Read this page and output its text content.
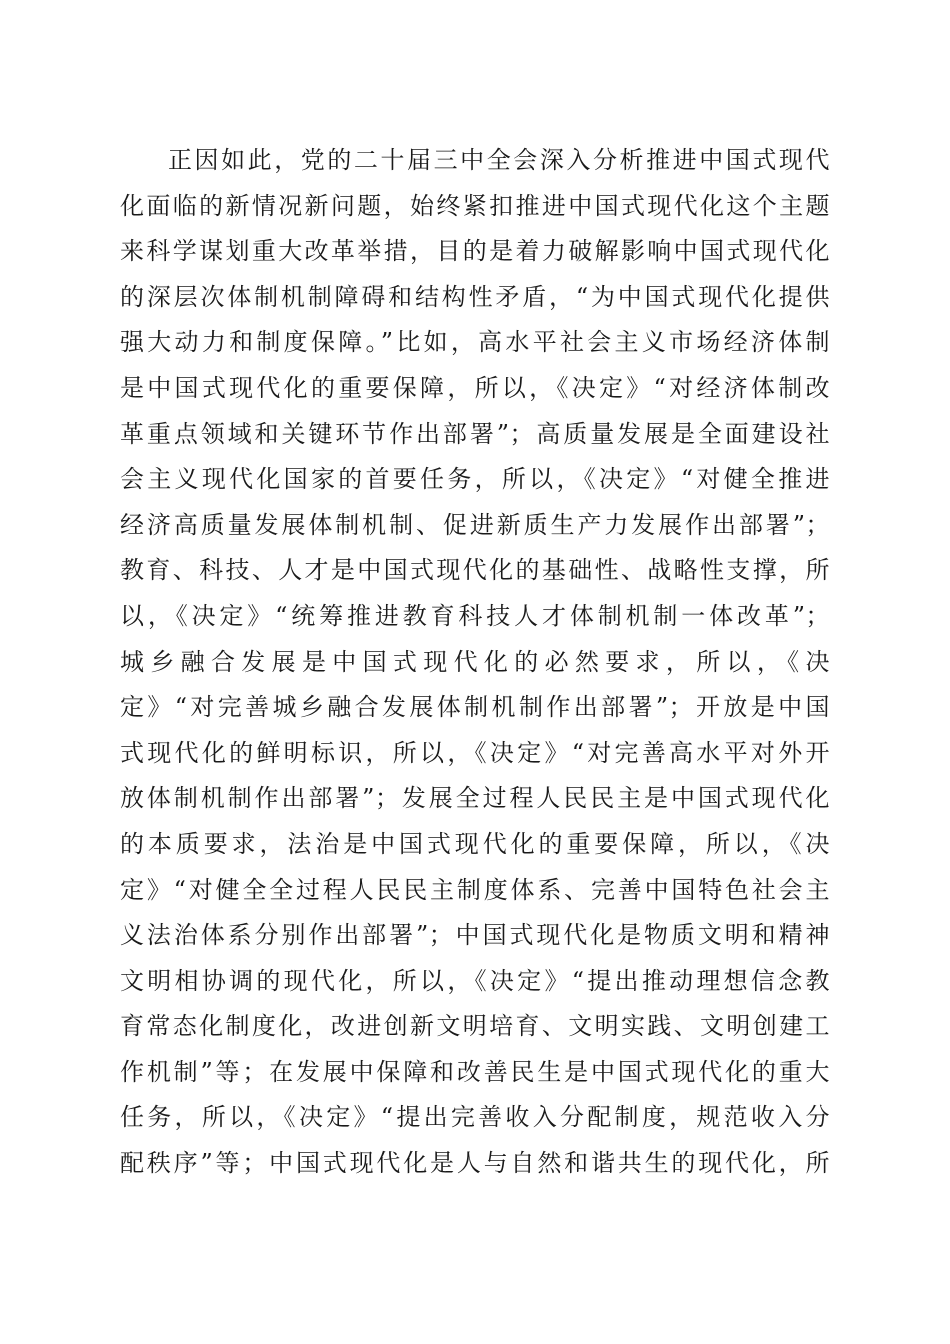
正因如此，党的二十届三中全会深入分析推进中国式现代
化面临的新情况新问题，始终紧扣推进中国式现代化这个主题
来科学谋划重大改革举措，目的是着力破解影响中国式现代化
的深层次体制机制障碍和结构性矛盾，“为中国式现代化提供
强大动力和制度保障。”比如，高水平社会主义市场经济体制
是中国式现代化的重要保障，所以，《决定》“对经济体制改
革重点领域和关键环节作出部署”；高质量发展是全面建设社
会主义现代化国家的首要任务，所以，《决定》“对健全推进
经济高质量发展体制机制、促进新质生产力发展作出部署”；
教育、科技、人才是中国式现代化的基础性、战略性支撑，所
以，《决定》“统筹推进教育科技人才体制机制一体改革”；
城乡融合发展是中国式现代化的必然要求，所以，《决
定》“对完善城乡融合发展体制机制作出部署”；开放是中国
式现代化的鲜明标识，所以，《决定》“对完善高水平对外开
放体制机制作出部署”；发展全过程人民民主是中国式现代化
的本质要求，法治是中国式现代化的重要保障，所以，《决
定》“对健全全过程人民民主制度体系、完善中国特色社会主
义法治体系分别作出部署”；中国式现代化是物质文明和精神
文明相协调的现代化，所以，《决定》“提出推动理想信念教
育常态化制度化，改进创新文明培育、文明实践、文明创建工
作机制”等；在发展中保障和改善民生是中国式现代化的重大
任务，所以，《决定》“提出完善收入分配制度，规范收入分
配秩序”等；中国式现代化是人与自然和谐共生的现代化，所
